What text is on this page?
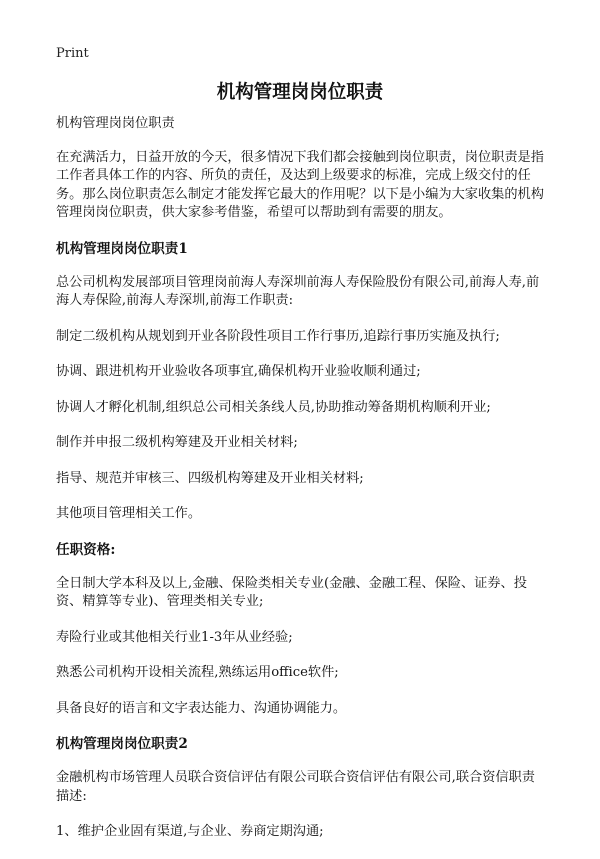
Print
机构管理岗岗位职责

机构管理岗岗位职责

在充满活力，日益开放的今天，很多情况下我们都会接触到岗位职责，岗位职责是指工作者具体工作的内容、所负的责任，及达到上级要求的标准，完成上级交付的任务。那么岗位职责怎么制定才能发挥它最大的作用呢？以下是小编为大家收集的机构管理岗岗位职责，供大家参考借鉴，希望可以帮助到有需要的朋友。

机构管理岗岗位职责1

总公司机构发展部项目管理岗前海人寿深圳前海人寿保险股份有限公司,前海人寿,前海人寿保险,前海人寿深圳,前海工作职责:

制定二级机构从规划到开业各阶段性项目工作行事历,追踪行事历实施及执行;

协调、跟进机构开业验收各项事宜,确保机构开业验收顺利通过;

协调人才孵化机制,组织总公司相关条线人员,协助推动筹备期机构顺利开业;

制作并申报二级机构筹建及开业相关材料;

指导、规范并审核三、四级机构筹建及开业相关材料;

其他项目管理相关工作。

任职资格:

全日制大学本科及以上,金融、保险类相关专业(金融、金融工程、保险、证券、投资、精算等专业)、管理类相关专业;

寿险行业或其他相关行业1-3年从业经验;

熟悉公司机构开设相关流程,熟练运用office软件;

具备良好的语言和文字表达能力、沟通协调能力。

机构管理岗岗位职责2

金融机构市场管理人员联合资信评估有限公司联合资信评估有限公司,联合资信职责描述:

1、维护企业固有渠道,与企业、券商定期沟通;
